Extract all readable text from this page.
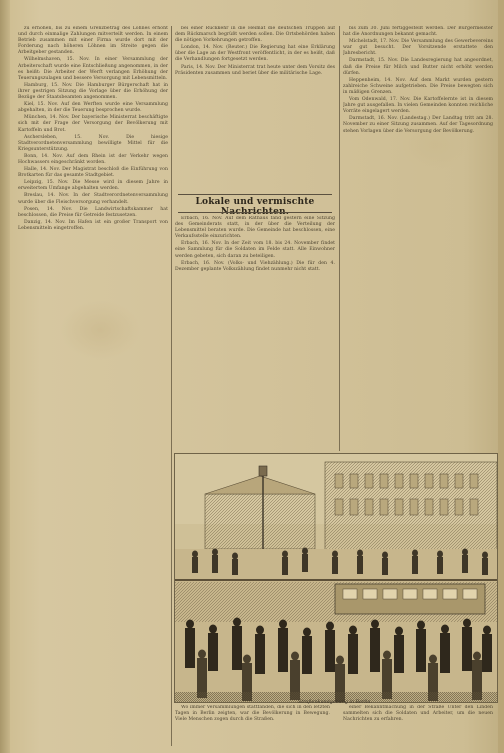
zu erhöhen, bis zu einem Grenzbetrag des Lohnes erhöht und durch einmalige Zahlungen mitverteilt werden. In einem Betrieb zusammen mit einer Firma wurde dort mit der Forderung nach höheren Löhnen im Streite gegen die Arbeitgeber gestanden.

Wilhelmshaven, 15. Nov. In einer Versammlung der Arbeiterschaft wurde eine Entschließung angenommen, in der es heißt: Die Arbeiter der Werft verlangen Erhöhung der Teuerungszulagen und bessere Versorgung mit Lebensmitteln.

Hamburg, 15. Nov. Die Hamburger Bürgerschaft hat in ihrer gestrigen Sitzung die Vorlage über die Erhöhung der Bezüge der Staatsbeamten angenommen.

Kiel, 15. Nov. Auf den Werften wurde eine Versammlung abgehalten, in der die Teuerung besprochen wurde.

München, 14. Nov. Der bayerische Ministerrat beschäftigte sich mit der Frage der Versorgung der Bevölkerung mit Kartoffeln und Brot.

Aschersleben, 15. Nov. Die hiesige Stadtverordnetenversammlung bewilligte Mittel für die Kriegsunterstützung.

Bonn, 14. Nov. Auf dem Rhein ist der Verkehr wegen Hochwassers eingeschränkt worden.

Halle, 14. Nov. Der Magistrat beschloß die Einführung von Brotkarten für das gesamte Stadtgebiet.

Leipzig, 15. Nov. Die Messe wird in diesem Jahre in erweitertem Umfange abgehalten werden.

Breslau, 14. Nov. In der Stadtverordnetenversammlung wurde über die Fleischversorgung verhandelt.

Posen, 14. Nov. Die Landwirtschaftskammer hat beschlossen, die Preise für Getreide festzusetzen.

Danzig, 14. Nov. Im Hafen ist ein großer Transport von Lebensmitteln eingetroffen.

bei einer Rückkehr in die Heimat die deutschen Truppen auf dem Rückmarsch begrüßt werden sollen. Die Ortsbehörden haben die nötigen Vorkehrungen getroffen.

London, 14. Nov. (Reuter.) Die Regierung hat eine Erklärung über die Lage an der Westfront veröffentlicht, in der es heißt, daß die Verhandlungen fortgesetzt werden.

Paris, 14. Nov. Der Ministerrat trat heute unter dem Vorsitz des Präsidenten zusammen und beriet über die militärische Lage.

Lokale und vermischte Nachrichten.

Erbach, 16. Nov. Auf dem Rathaus fand gestern eine Sitzung des Gemeinderats statt, in der über die Verteilung der Lebensmittel beraten wurde. Die Gemeinde hat beschlossen, eine Verkaufsstelle einzurichten.

Erbach, 16. Nov. In der Zeit vom 18. bis 24. November findet eine Sammlung für die Soldaten im Felde statt. Alle Einwohner werden gebeten, sich daran zu beteiligen.

Erbach, 16. Nov. (Volks- und Viehzählung.) Die für den 4. Dezember geplante Volkszählung findet nunmehr nicht statt.

bis zum 30. Juni fertiggestellt werden. Der Bürgermeister hat die Anordnungen bekannt gemacht.

Michelstadt, 17. Nov. Die Versammlung des Gewerbevereins war gut besucht. Der Vorsitzende erstattete den Jahresbericht.

Darmstadt, 15. Nov. Die Landesregierung hat angeordnet, daß die Preise für Milch und Butter nicht erhöht werden dürfen.

Heppenheim, 14. Nov. Auf dem Markt wurden gestern zahlreiche Schweine aufgetrieben. Die Preise bewegten sich in mäßigen Grenzen.

Vom Odenwald, 17. Nov. Die Kartoffelernte ist in diesem Jahre gut ausgefallen. In vielen Gemeinden konnten reichliche Vorräte eingelagert werden.

Darmstadt, 16. Nov. (Landestag.) Der Landtag tritt am 28. November zu einer Sitzung zusammen. Auf der Tagesordnung stehen Vorlagen über die Versorgung der Bevölkerung.

Straßenkundgebung in Berlin.

Wo immer Versammlungen stattfanden, die sich in den letzten Tagen in Berlin zeigten, war die Bevölkerung in Bewegung. Viele Menschen zogen durch die Straßen.

einer Bekanntmachung in der Straße Unter den Linden sammelten sich die Soldaten und Arbeiter, um die neuen Nachrichten zu erfahren.
